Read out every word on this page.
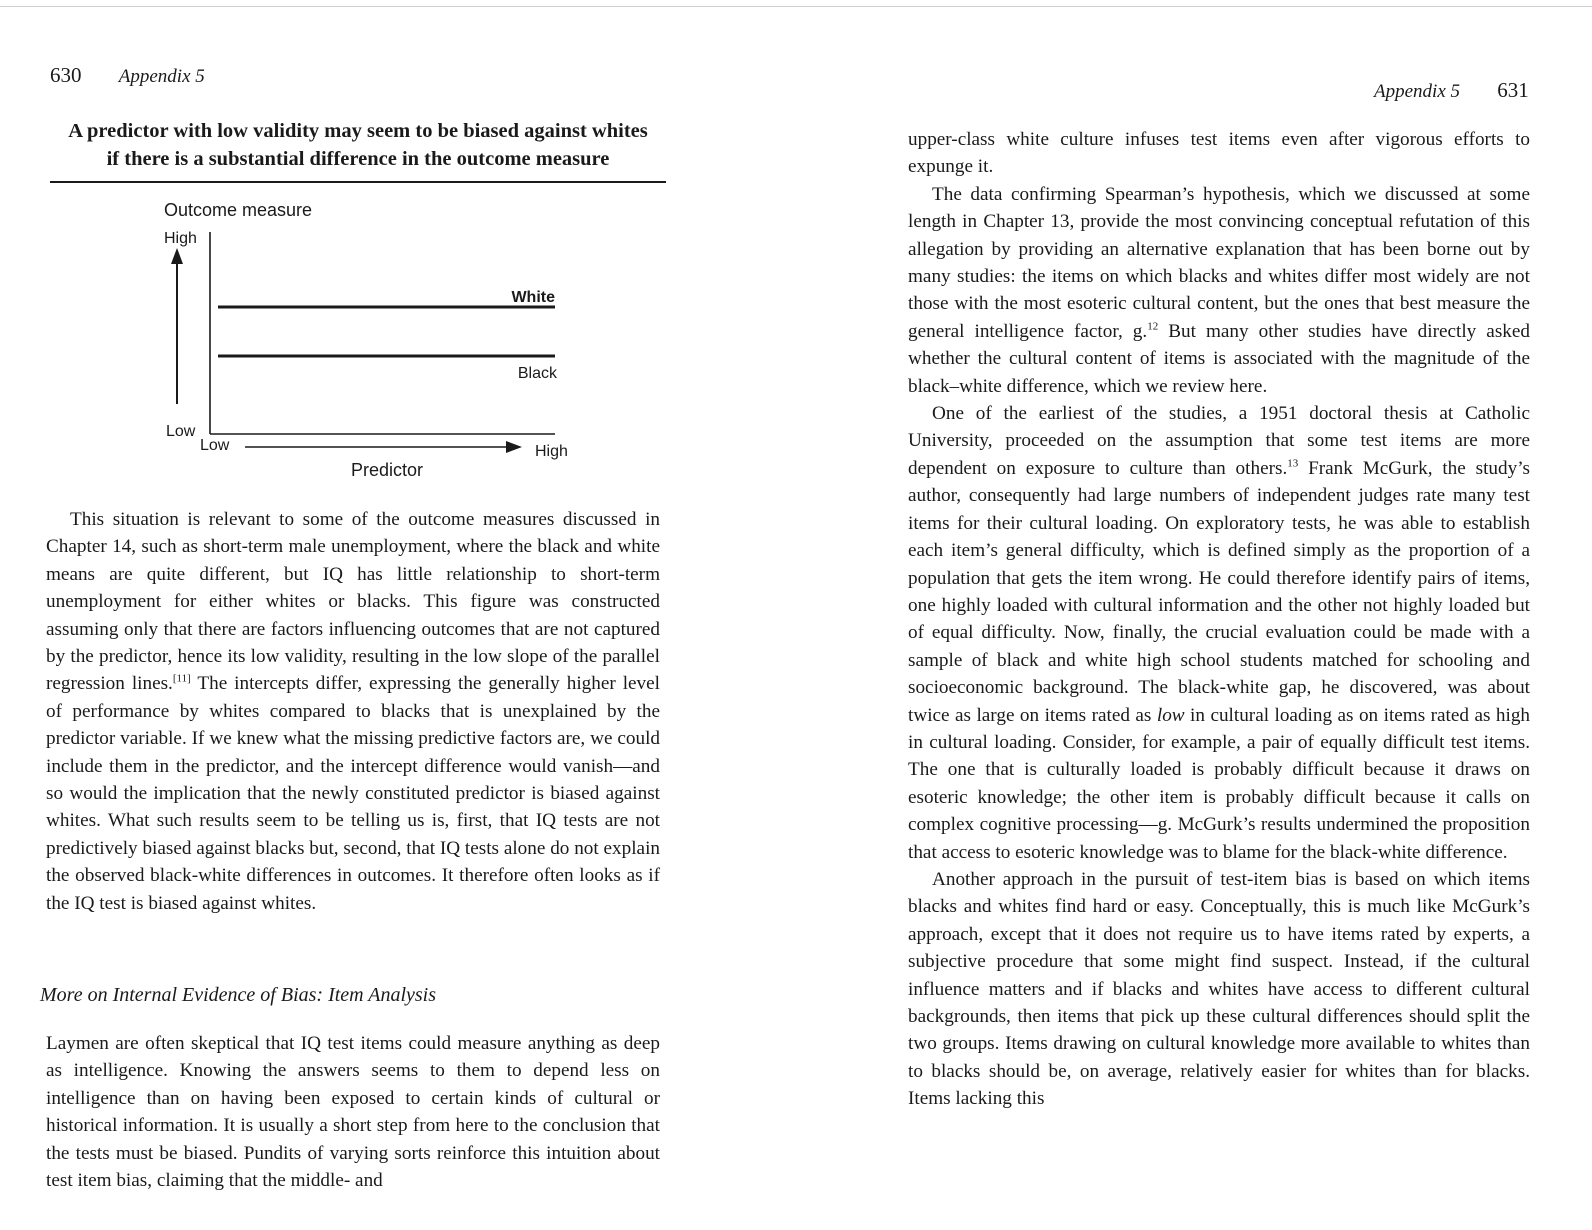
630 Appendix 5
A predictor with low validity may seem to be biased against whites
if there is a substantial difference in the outcome measure
Outcome measure
High
White
Black
Low
Low	High
Predictor

This situation is relevant to some of the outcome measures discussed in Chapter 14, such as short-term male unemployment, where the black and white means are quite different, but IQ has little relationship to short-term unemployment for either whites or blacks. This figure was constructed assuming only that there are factors influencing outcomes that are not captured by the predictor, hence its low validity, resulting in the low slope of the parallel regression lines.[11] The intercepts differ, expressing the generally higher level of performance by whites compared to blacks that is unexplained by the predictor variable. If we knew what the missing predictive factors are, we could include them in the predictor, and the intercept difference would vanish—and so would the implication that the newly constituted predictor is biased against whites. What such results seem to be telling us is, first, that IQ tests are not predictively biased against blacks but, second, that IQ tests alone do not explain the observed black-white differences in outcomes. It therefore often looks as if the IQ test is biased against whites.

More on Internal Evidence of Bias: Item Analysis

Laymen are often skeptical that IQ test items could measure anything as deep as intelligence. Knowing the answers seems to them to depend less on intelligence than on having been exposed to certain kinds of cultural or historical information. It is usually a short step from here to the conclusion that the tests must be biased. Pundits of varying sorts reinforce this intuition about test item bias, claiming that the middle- and

Appendix 5 631

upper-class white culture infuses test items even after vigorous efforts to expunge it.

The data confirming Spearman’s hypothesis, which we discussed at some length in Chapter 13, provide the most convincing conceptual refutation of this allegation by providing an alternative explanation that has been borne out by many studies: the items on which blacks and whites differ most widely are not those with the most esoteric cultural content, but the ones that best measure the general intelligence factor, g.$^{12}$ But many other studies have directly asked whether the cultural content of items is associated with the magnitude of the black–white difference, which we review here.

One of the earliest of the studies, a 1951 doctoral thesis at Catholic University, proceeded on the assumption that some test items are more dependent on exposure to culture than others.$^{13}$ Frank McGurk, the study’s author, consequently had large numbers of independent judges rate many test items for their cultural loading. On exploratory tests, he was able to establish each item’s general difficulty, which is defined simply as the proportion of a population that gets the item wrong. He could therefore identify pairs of items, one highly loaded with cultural information and the other not highly loaded but of equal difficulty. Now, finally, the crucial evaluation could be made with a sample of black and white high school students matched for schooling and socioeconomic background. The black-white gap, he discovered, was about twice as large on items rated as low in cultural loading as on items rated as high in cultural loading. Consider, for example, a pair of equally difficult test items. The one that is culturally loaded is probably difficult because it draws on esoteric knowledge; the other item is probably difficult because it calls on complex cognitive processing—g. McGurk’s results undermined the proposition that access to esoteric knowledge was to blame for the black-white difference.

Another approach in the pursuit of test-item bias is based on which items blacks and whites find hard or easy. Conceptually, this is much like McGurk’s approach, except that it does not require us to have items rated by experts, a subjective procedure that some might find suspect. Instead, if the cultural influence matters and if blacks and whites have access to different cultural backgrounds, then items that pick up these cultural differences should split the two groups. Items drawing on cultural knowledge more available to whites than to blacks should be, on average, relatively easier for whites than for blacks. Items lacking this
